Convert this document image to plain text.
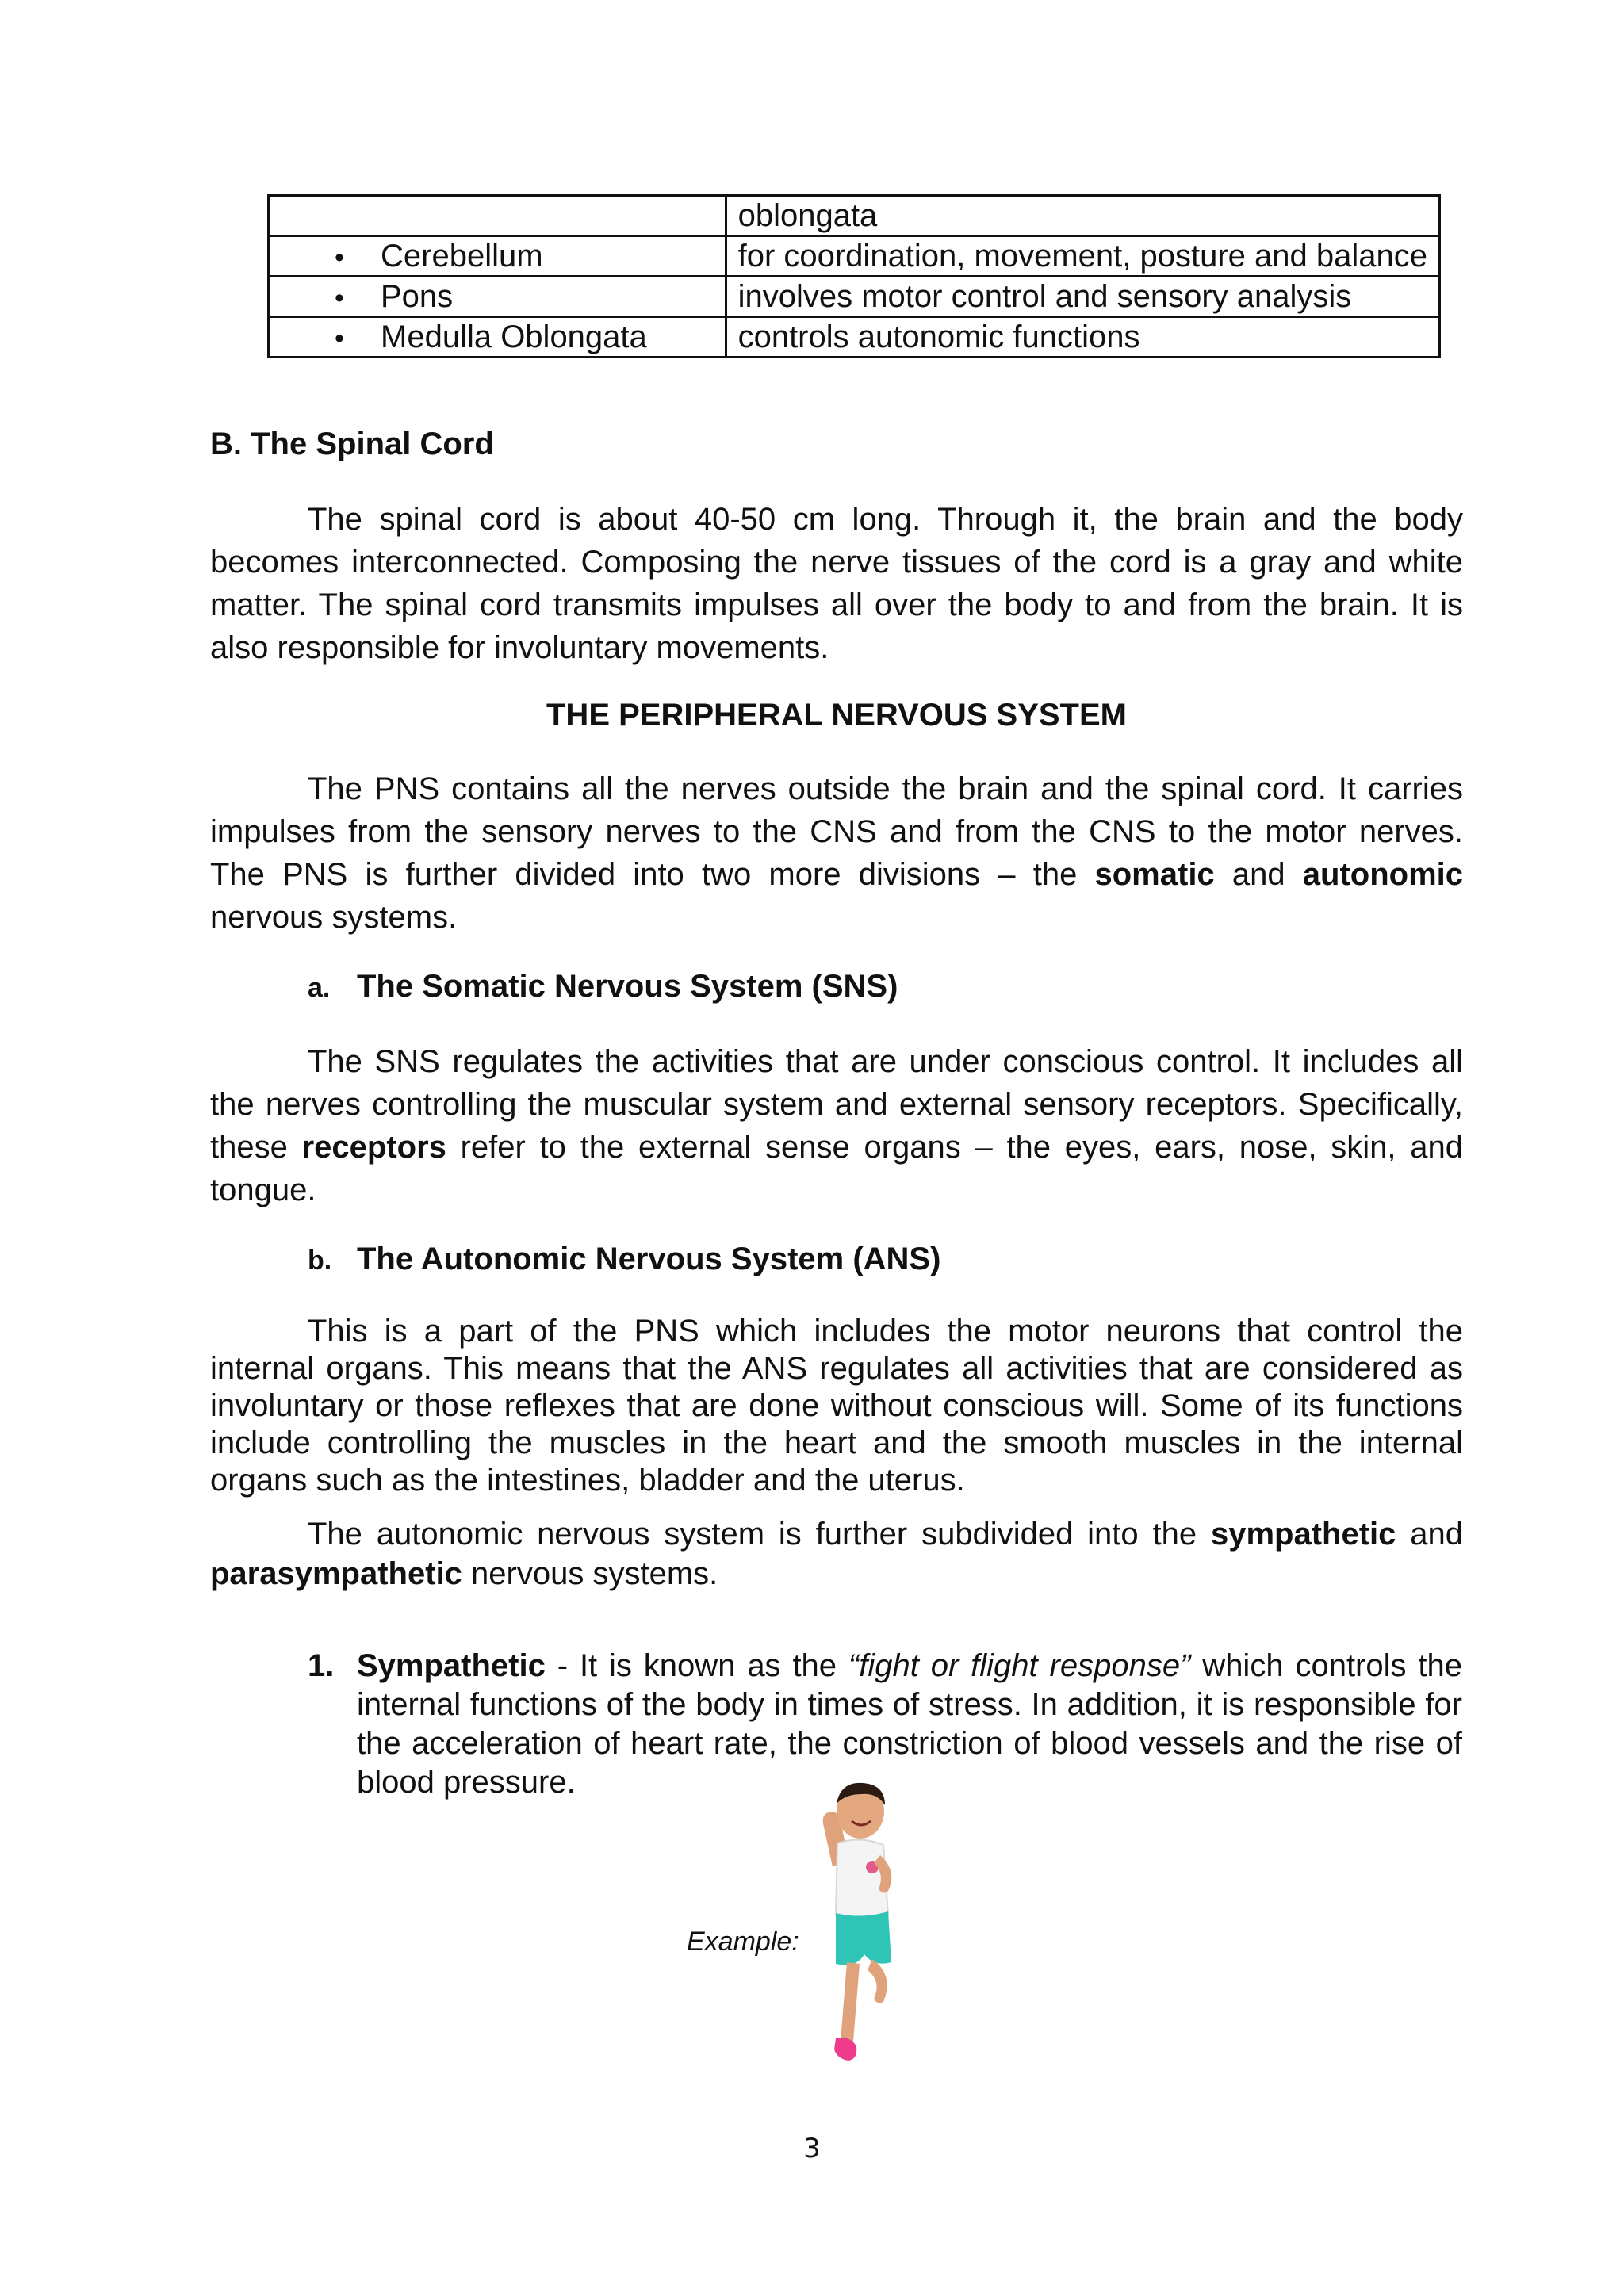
	oblongata
• Cerebellum	for coordination, movement, posture and balance
• Pons	involves motor control and sensory analysis
• Medulla Oblongata	controls autonomic functions
B. The Spinal Cord
The spinal cord is about 40-50 cm long. Through it, the brain and the body becomes interconnected. Composing the nerve tissues of the cord is a gray and white matter. The spinal cord transmits impulses all over the body to and from the brain. It is also responsible for involuntary movements.
THE PERIPHERAL NERVOUS SYSTEM
The PNS contains all the nerves outside the brain and the spinal cord. It carries impulses from the sensory nerves to the CNS and from the CNS to the motor nerves. The PNS is further divided into two more divisions – the somatic and autonomic nervous systems.
a. The Somatic Nervous System (SNS)
The SNS regulates the activities that are under conscious control. It includes all the nerves controlling the muscular system and external sensory receptors. Specifically, these receptors refer to the external sense organs – the eyes, ears, nose, skin, and tongue.
b. The Autonomic Nervous System (ANS)
This is a part of the PNS which includes the motor neurons that control the internal organs. This means that the ANS regulates all activities that are considered as involuntary or those reflexes that are done without conscious will. Some of its functions include controlling the muscles in the heart and the smooth muscles in the internal organs such as the intestines, bladder and the uterus.
The autonomic nervous system is further subdivided into the sympathetic and parasympathetic nervous systems.
1. Sympathetic - It is known as the “fight or flight response” which controls the internal functions of the body in times of stress. In addition, it is responsible for the acceleration of heart rate, the constriction of blood vessels and the rise of blood pressure.
Example:
3
